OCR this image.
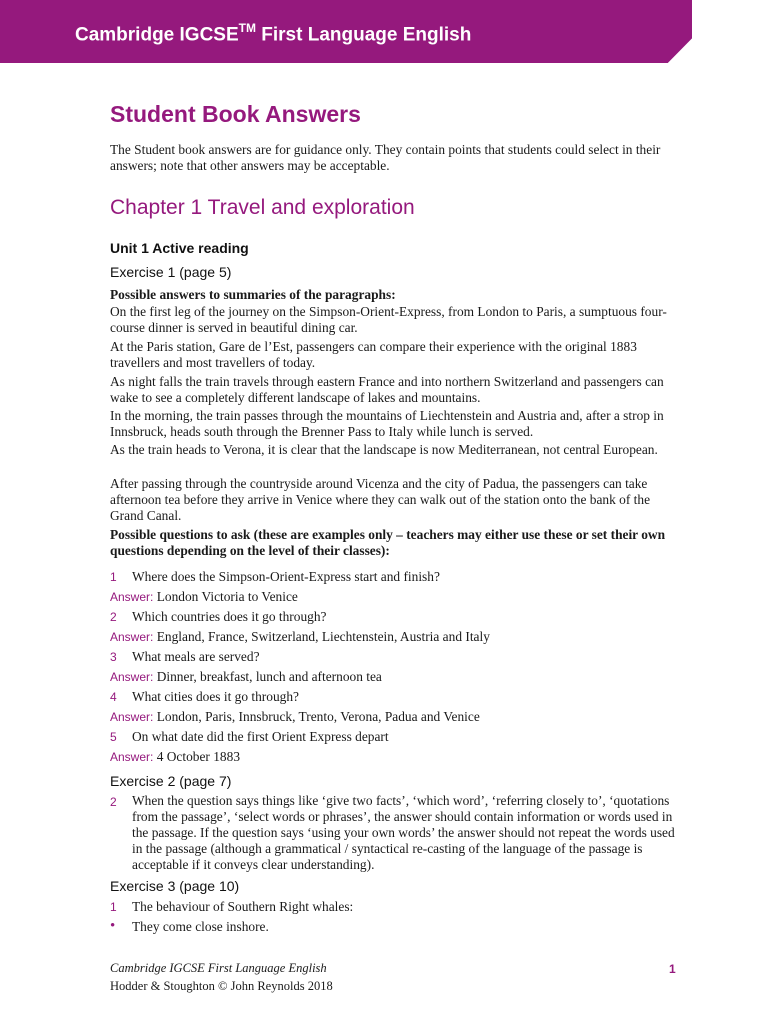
Cambridge IGCSE™ First Language English
Student Book Answers
The Student book answers are for guidance only. They contain points that students could select in their answers; note that other answers may be acceptable.
Chapter 1 Travel and exploration
Unit 1 Active reading
Exercise 1 (page 5)
Possible answers to summaries of the paragraphs:
On the first leg of the journey on the Simpson-Orient-Express, from London to Paris, a sumptuous four-course dinner is served in beautiful dining car.
At the Paris station, Gare de l’Est, passengers can compare their experience with the original 1883 travellers and most travellers of today.
As night falls the train travels through eastern France and into northern Switzerland and passengers can wake to see a completely different landscape of lakes and mountains.
In the morning, the train passes through the mountains of Liechtenstein and Austria and, after a strop in Innsbruck, heads south through the Brenner Pass to Italy while lunch is served.
As the train heads to Verona, it is clear that the landscape is now Mediterranean, not central European.
After passing through the countryside around Vicenza and the city of Padua, the passengers can take afternoon tea before they arrive in Venice where they can walk out of the station onto the bank of the Grand Canal.
Possible questions to ask (these are examples only – teachers may either use these or set their own questions depending on the level of their classes):
1 Where does the Simpson-Orient-Express start and finish?
Answer: London Victoria to Venice
2 Which countries does it go through?
Answer: England, France, Switzerland, Liechtenstein, Austria and Italy
3 What meals are served?
Answer: Dinner, breakfast, lunch and afternoon tea
4 What cities does it go through?
Answer: London, Paris, Innsbruck, Trento, Verona, Padua and Venice
5 On what date did the first Orient Express depart
Answer: 4 October 1883
Exercise 2 (page 7)
2 When the question says things like ‘give two facts’, ‘which word’, ‘referring closely to’, ‘quotations from the passage’, ‘select words or phrases’, the answer should contain information or words used in the passage. If the question says ‘using your own words’ the answer should not repeat the words used in the passage (although a grammatical / syntactical re-casting of the language of the passage is acceptable if it conveys clear understanding).
Exercise 3 (page 10)
1 The behaviour of Southern Right whales:
• They come close inshore.
Cambridge IGCSE First Language English
Hodder & Stoughton © John Reynolds 2018
1
